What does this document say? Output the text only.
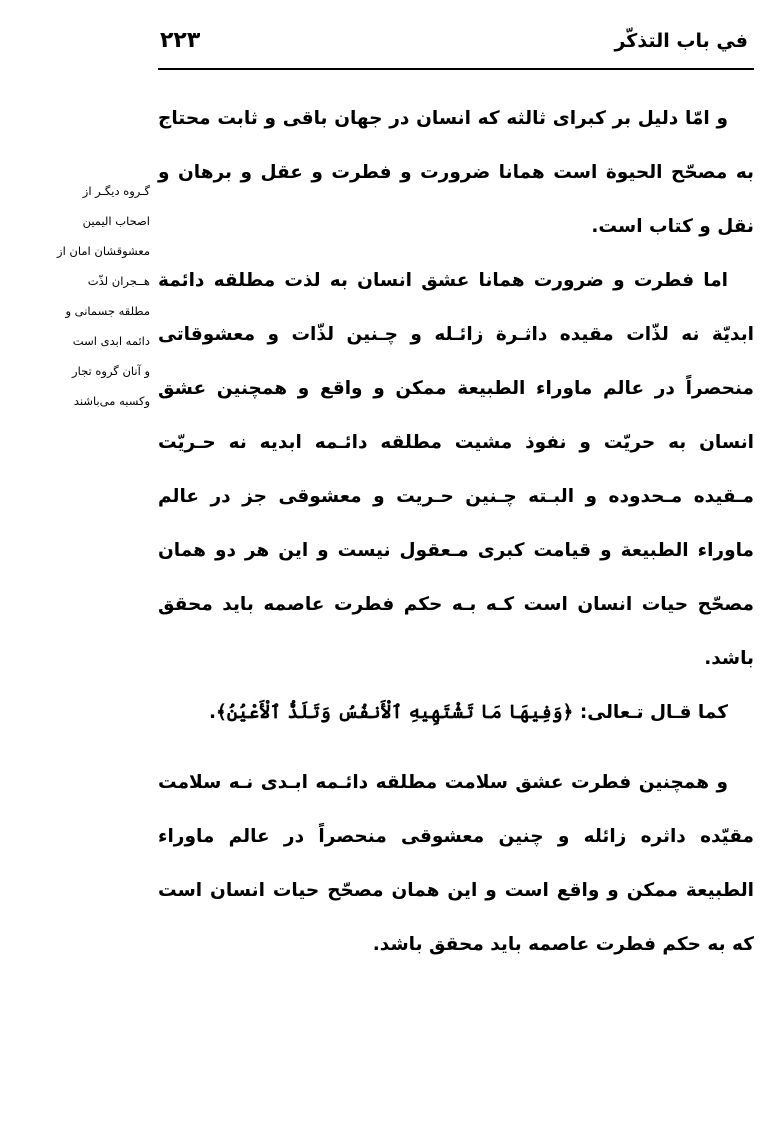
في باب التذكّر
۲۲۳
گـروه دیگـر از
اصحاب الیمین
معشوقشان امان از
هــجران لذّت
مطلقه جسمانی و
دائمه ابدی است
و آنان گروه تجار
وکسبه می‌باشند

و امّا دلیل بر کبرای ثالثه که انسان در جهان باقی و ثابت محتاج به مصحّح الحیوة است همانا ضرورت و فطرت و عقل و برهان و نقل و کتاب است.

اما فطرت و ضرورت همانا عشق انسان به لذت مطلقه دائمة ابدیّة نه لذّات مقیده داثـرة زائـله و چـنین لذّات و معشوقاتی منحصراً در عالم ماوراء الطبیعة ممکن و واقع و همچنین عشق انسان به حریّت و نفوذ مشیت مطلقه دائـمه ابدیه نه حـریّت مـقیده مـحدوده و البـته چـنین حـریت و معشوقی جز در عالم ماوراء الطبیعة و قیامت کبری مـعقول نیست و این هر دو همان مصحّح حیات انسان است کـه بـه حکم فطرت عاصمه باید محقق باشد.

کما قـال تـعالی: ﴿وَفِيهَا مَا تَشْتَهِيهِ ٱلْأَنفُسُ وَتَلَذُّ ٱلْأَعْيُنُ﴾.

و همچنین فطرت عشق سلامت مطلقه دائـمه ابـدی نـه سلامت مقیّده داثره زائله و چنین معشوقی منحصراً در عالم ماوراء الطبیعة ممکن و واقع است و این همان مصحّح حیات انسان است که به حکم فطرت عاصمه باید محقق باشد.
